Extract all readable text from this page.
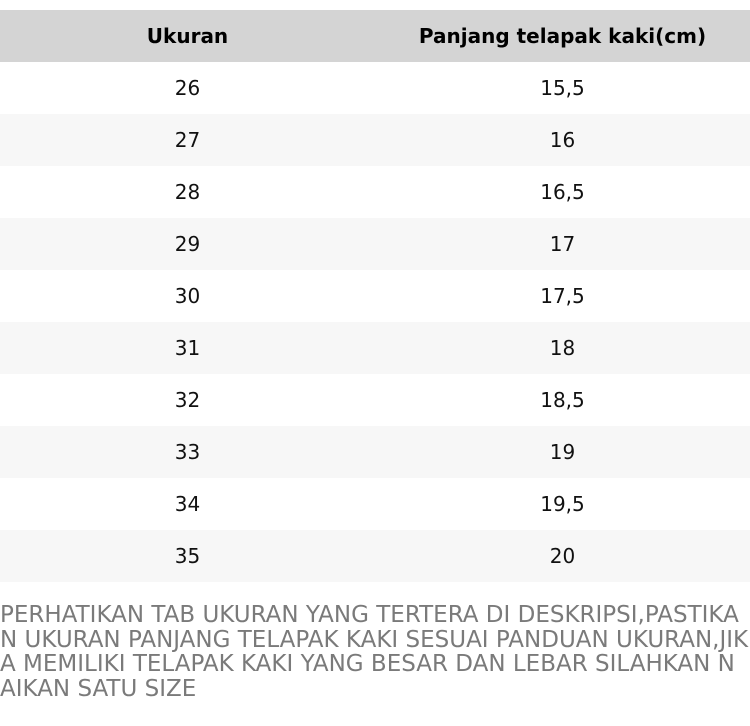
Ukuran	Panjang telapak kaki(cm)
26	15,5
27	16
28	16,5
29	17
30	17,5
31	18
32	18,5
33	19
34	19,5
35	20

PERHATIKAN TAB UKURAN YANG TERTERA DI DESKRIPSI,PASTIKAN UKURAN PANJANG TELAPAK KAKI SESUAI PANDUAN UKURAN,JIKA MEMILIKI TELAPAK KAKI YANG BESAR DAN LEBAR SILAHKAN NAIKAN SATU SIZE
